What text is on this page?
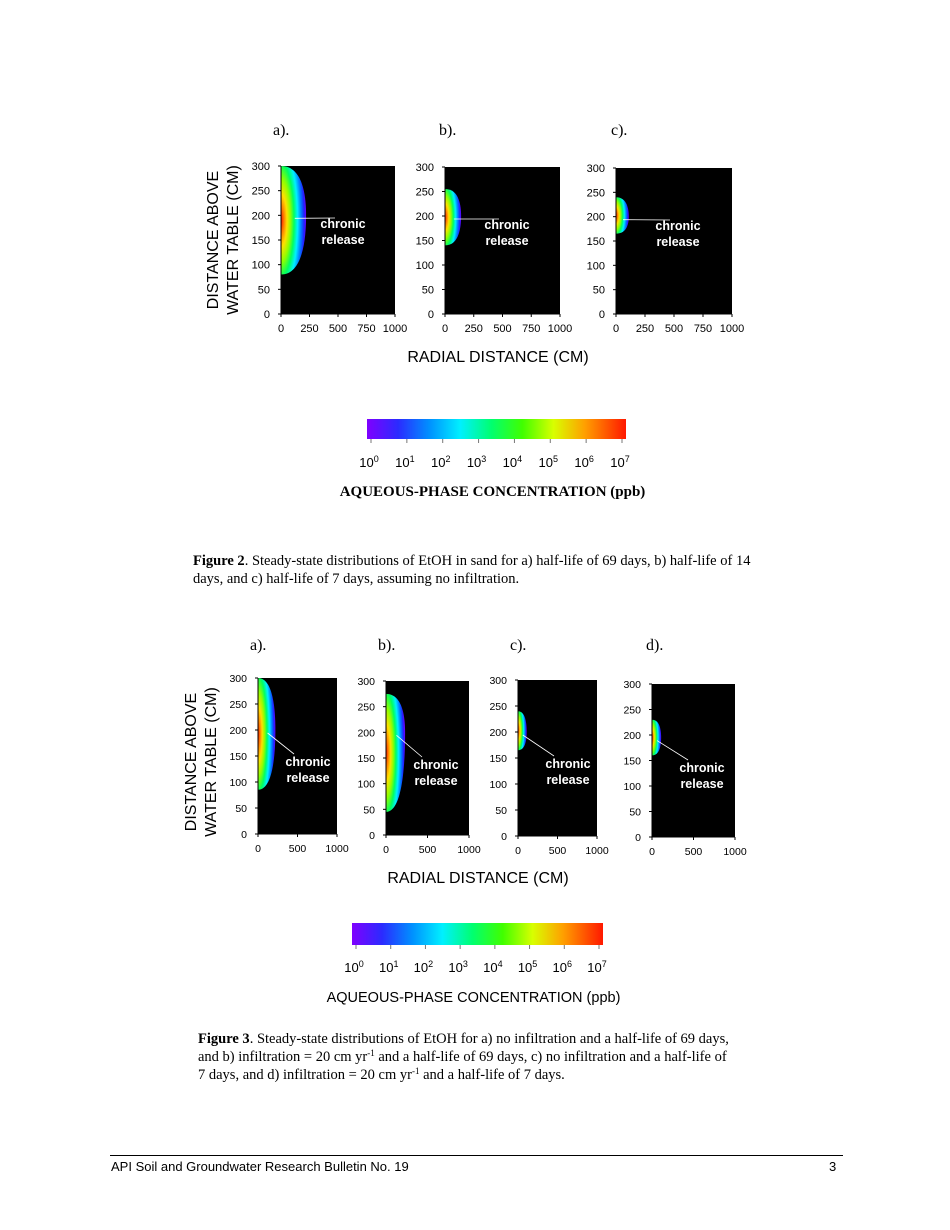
a).	b).	c).
DISTANCE ABOVE WATER TABLE (CM)
RADIAL DISTANCE (CM)
0
50
100
150
200
250
300
0 250 500 750 1000
chronic
release
0
50
100
150
200
250
300
0 250 500 750 1000
chronic
release
0
50
100
150
200
250
300
0 250 500 750 1000
chronic
release
$10^0$ $10^1$ $10^2$ $10^3$ $10^4$ $10^5$ $10^6$ $10^7$
AQUEOUS-PHASE CONCENTRATION (ppb)
a).	b).	c).	d).
DISTANCE ABOVE WATER TABLE (CM)
RADIAL DISTANCE (CM)
0
50
100
150
200
250
300
0	500 1000
chronic
release
0
50
100
150
200
250
300
0	500 1000
chronic
release
0
50
100
150
200
250
300
0	500 1000
chronic
release
0
50
100
150
200
250
300
0	500 1000
chronic
release
$10^0$ $10^1$ $10^2$ $10^3$ $10^4$ $10^5$ $10^6$ $10^7$
AQUEOUS-PHASE CONCENTRATION (ppb)
Figure 2. Steady-state distributions of EtOH in sand for a) half-life of 69 days, b) half-life of 14
days, and c) half-life of 7 days, assuming no infiltration.
Figure 3. Steady-state distributions of EtOH for a) no infiltration and a half-life of 69 days,
and b) infiltration = 20 cm $yr^{-1}$ and a half-life of 69 days, c) no infiltration and a half-life of
7 days, and d) infiltration = 20 cm $yr^{-1}$ and a half-life of 7 days.
API Soil and Groundwater Research Bulletin No. 19	3
